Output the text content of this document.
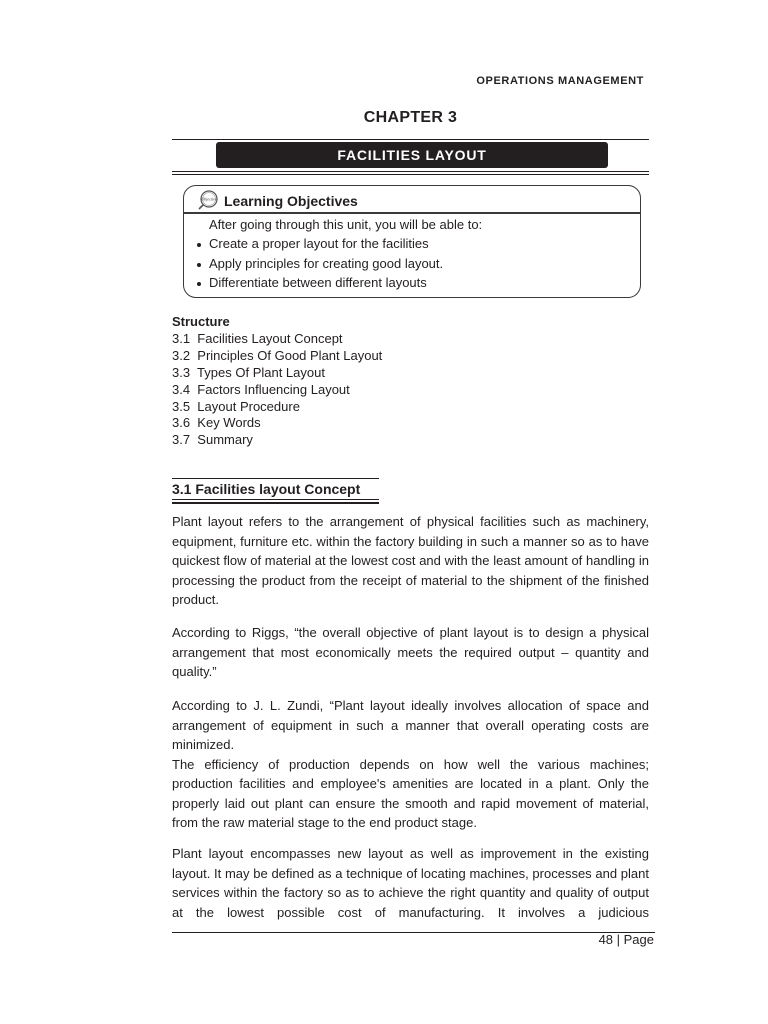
OPERATIONS MANAGEMENT
CHAPTER 3
FACILITIES LAYOUT
Objective Learning Objectives
After going through this unit, you will be able to:
Create a proper layout for the facilities
Apply principles for creating good layout.
Differentiate between different layouts
Structure
3.1  Facilities Layout Concept
3.2  Principles Of Good Plant Layout
3.3  Types Of Plant Layout
3.4  Factors Influencing Layout
3.5  Layout Procedure
3.6  Key Words
3.7  Summary
3.1 Facilities layout Concept

Plant layout refers to the arrangement of physical facilities such as machinery, equipment, furniture etc. within the factory building in such a manner so as to have quickest flow of material at the lowest cost and with the least amount of handling in processing the product from the receipt of material to the shipment of the finished product.

According to Riggs, “the overall objective of plant layout is to design a physical arrangement that most economically meets the required output – quantity and quality.”

According to J. L. Zundi, “Plant layout ideally involves allocation of space and arrangement of equipment in such a manner that overall operating costs are minimized.

The efficiency of production depends on how well the various machines; production facilities and employee's amenities are located in a plant. Only the properly laid out plant can ensure the smooth and rapid movement of material, from the raw material stage to the end product stage.

Plant layout encompasses new layout as well as improvement in the existing layout. It may be defined as a technique of locating machines, processes and plant services within the factory so as to achieve the right quantity and quality of output at the lowest possible cost of manufacturing. It involves a judicious

48 | Page
